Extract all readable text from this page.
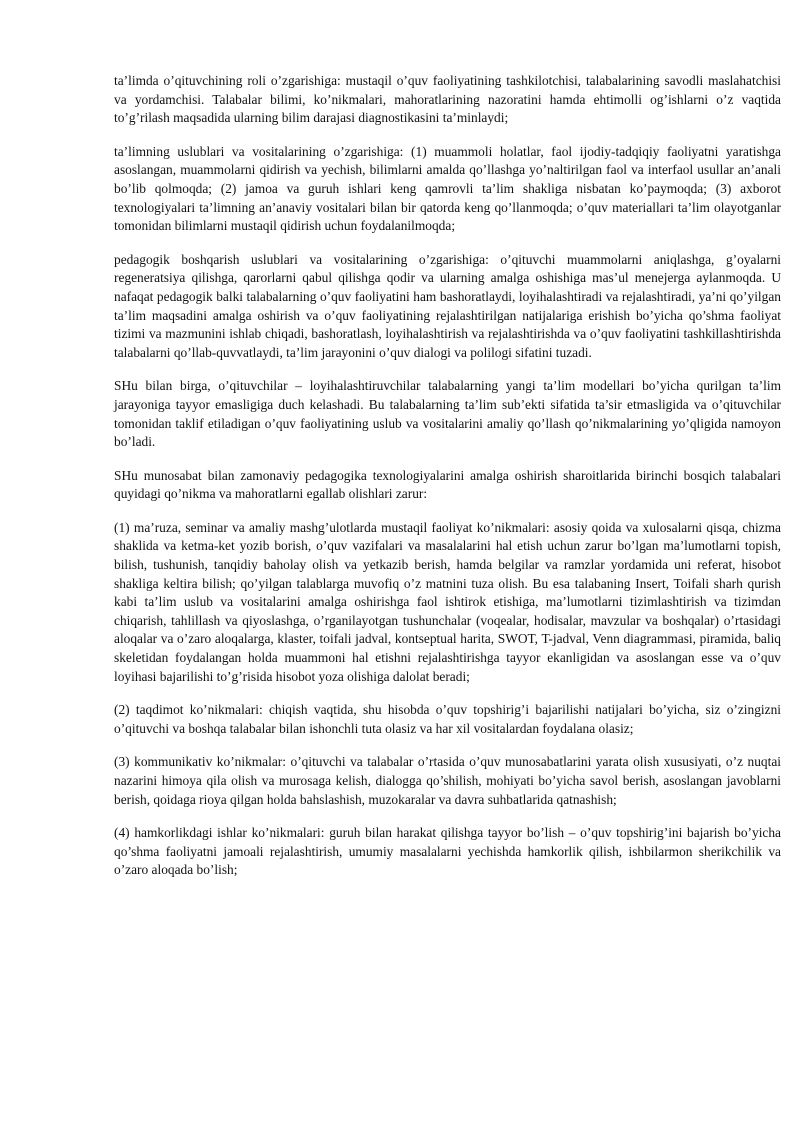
ta’limda o’qituvchining roli o’zgarishiga: mustaqil o’quv faoliyatining tashkilotchisi, talabalarining savodli maslahatchisi va yordamchisi. Talabalar bilimi, ko’nikmalari, mahoratlarining nazoratini hamda ehtimolli og’ishlarni o’z vaqtida to’g’rilash maqsadida ularning bilim darajasi diagnostikasini ta’minlaydi;

ta’limning uslublari va vositalarining o’zgarishiga: (1) muammoli holatlar, faol ijodiy-tadqiqiy faoliyatni yaratishga asoslangan, muammolarni qidirish va yechish, bilimlarni amalda qo’llashga yo’naltirilgan faol va interfaol usullar an’anali bo’lib qolmoqda; (2) jamoa va guruh ishlari keng qamrovli ta’lim shakliga nisbatan ko’paymoqda; (3) axborot texnologiyalari ta’limning an’anaviy vositalari bilan bir qatorda keng qo’llanmoqda; o’quv materiallari ta’lim olayotganlar tomonidan bilimlarni mustaqil qidirish uchun foydalanilmoqda;

pedagogik boshqarish uslublari va vositalarining o’zgarishiga: o’qituvchi muammolarni aniqlashga, g’oyalarni regeneratsiya qilishga, qarorlarni qabul qilishga qodir va ularning amalga oshishiga mas’ul menejerga aylanmoqda. U nafaqat pedagogik balki talabalarning o’quv faoliyatini ham bashoratlaydi, loyihalashtiradi va rejalashtiradi, ya’ni qo’yilgan ta’lim maqsadini amalga oshirish va o’quv faoliyatining rejalashtirilgan natijalariga erishish bo’yicha qo’shma faoliyat tizimi va mazmunini ishlab chiqadi, bashoratlash, loyihalashtirish va rejalashtirishda va o’quv faoliyatini tashkillashtirishda talabalarni qo’llab-quvvatlaydi, ta’lim jarayonini o’quv dialogi va polilogi sifatini tuzadi.

SHu bilan birga, o’qituvchilar – loyihalashtiruvchilar talabalarning yangi ta’lim modellari bo’yicha qurilgan ta’lim jarayoniga tayyor emasligiga duch kelashadi. Bu talabalarning ta’lim sub’ekti sifatida ta’sir etmasligida va o’qituvchilar tomonidan taklif etiladigan o’quv faoliyatining uslub va vositalarini amaliy qo’llash qo’nikmalarining yo’qligida namoyon bo’ladi.

SHu munosabat bilan zamonaviy pedagogika texnologiyalarini amalga oshirish sharoitlarida birinchi bosqich talabalari quyidagi qo’nikma va mahoratlarni egallab olishlari zarur:

(1) ma’ruza, seminar va amaliy mashg’ulotlarda mustaqil faoliyat ko’nikmalari: asosiy qoida va xulosalarni qisqa, chizma shaklida va ketma-ket yozib borish, o’quv vazifalari va masalalarini hal etish uchun zarur bo’lgan ma’lumotlarni topish, bilish, tushunish, tanqidiy baholay olish va yetkazib berish, hamda belgilar va ramzlar yordamida uni referat, hisobot shakliga keltira bilish; qo’yilgan talablarga muvofiq o’z matnini tuza olish. Bu esa talabaning Insert, Toifali sharh qurish kabi ta’lim uslub va vositalarini amalga oshirishga faol ishtirok etishiga, ma’lumotlarni tizimlashtirish va tizimdan chiqarish, tahlillash va qiyoslashga, o’rganilayotgan tushunchalar (voqealar, hodisalar, mavzular va boshqalar) o’rtasidagi aloqalar va o’zaro aloqalarga, klaster, toifali jadval, kontseptual harita, SWOT, T-jadval, Venn diagrammasi, piramida, baliq skeletidan foydalangan holda muammoni hal etishni rejalashtirishga tayyor ekanligidan va asoslangan esse va o’quv loyihasi bajarilishi to’g’risida hisobot yoza olishiga dalolat beradi;

(2) taqdimot ko’nikmalari: chiqish vaqtida, shu hisobda o’quv topshirig’i bajarilishi natijalari bo’yicha, siz o’zingizni o’qituvchi va boshqa talabalar bilan ishonchli tuta olasiz va har xil vositalardan foydalana olasiz;

(3) kommunikativ ko’nikmalar: o’qituvchi va talabalar o’rtasida o’quv munosabatlarini yarata olish xususiyati, o’z nuqtai nazarini himoya qila olish va murosaga kelish, dialogga qo’shilish, mohiyati bo’yicha savol berish, asoslangan javoblarni berish, qoidaga rioya qilgan holda bahslashish, muzokaralar va davra suhbatlarida qatnashish;

(4) hamkorlikdagi ishlar ko’nikmalari: guruh bilan harakat qilishga tayyor bo’lish – o’quv topshirig’ini bajarish bo’yicha qo’shma faoliyatni jamoali rejalashtirish, umumiy masalalarni yechishda hamkorlik qilish, ishbilarmon sherikchilik va o’zaro aloqada bo’lish;
